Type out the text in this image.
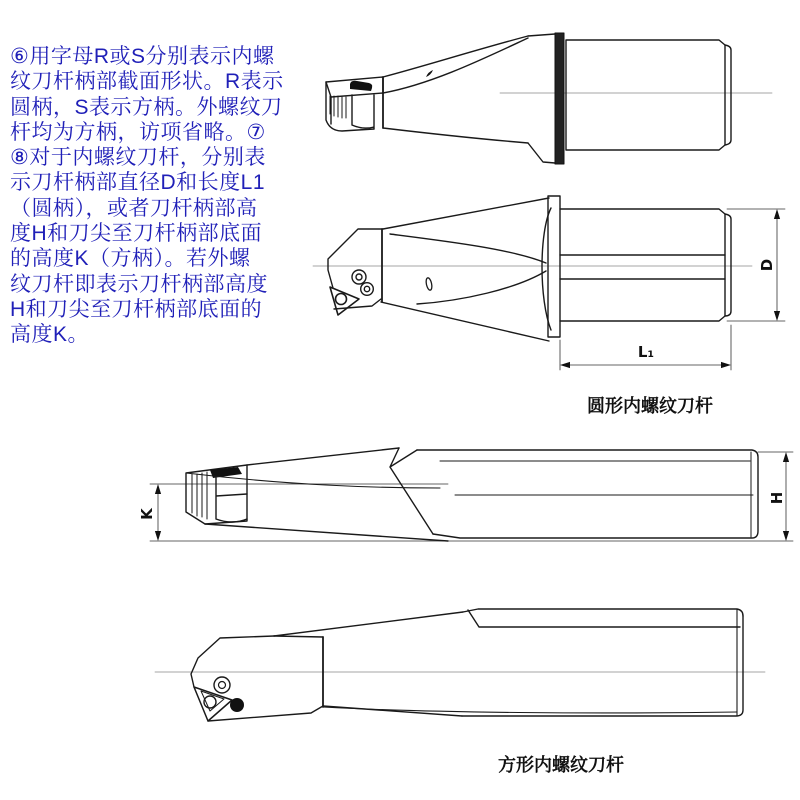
⑥用字母R或S分别表示内螺
纹刀杆柄部截面形状。R表示
圆柄，S表示方柄。外螺纹刀
杆均为方柄，访项省略。⑦
⑧对于内螺纹刀杆，分别表
示刀杆柄部直径D和长度L1
（圆柄），或者刀杆柄部高
度H和刀尖至刀杆柄部底面
的高度K（方柄）。若外螺
纹刀杆即表示刀杆柄部高度
H和刀尖至刀杆柄部底面的
高度K。
D
L₁
圆形内螺纹刀杆
K
H
方形内螺纹刀杆
